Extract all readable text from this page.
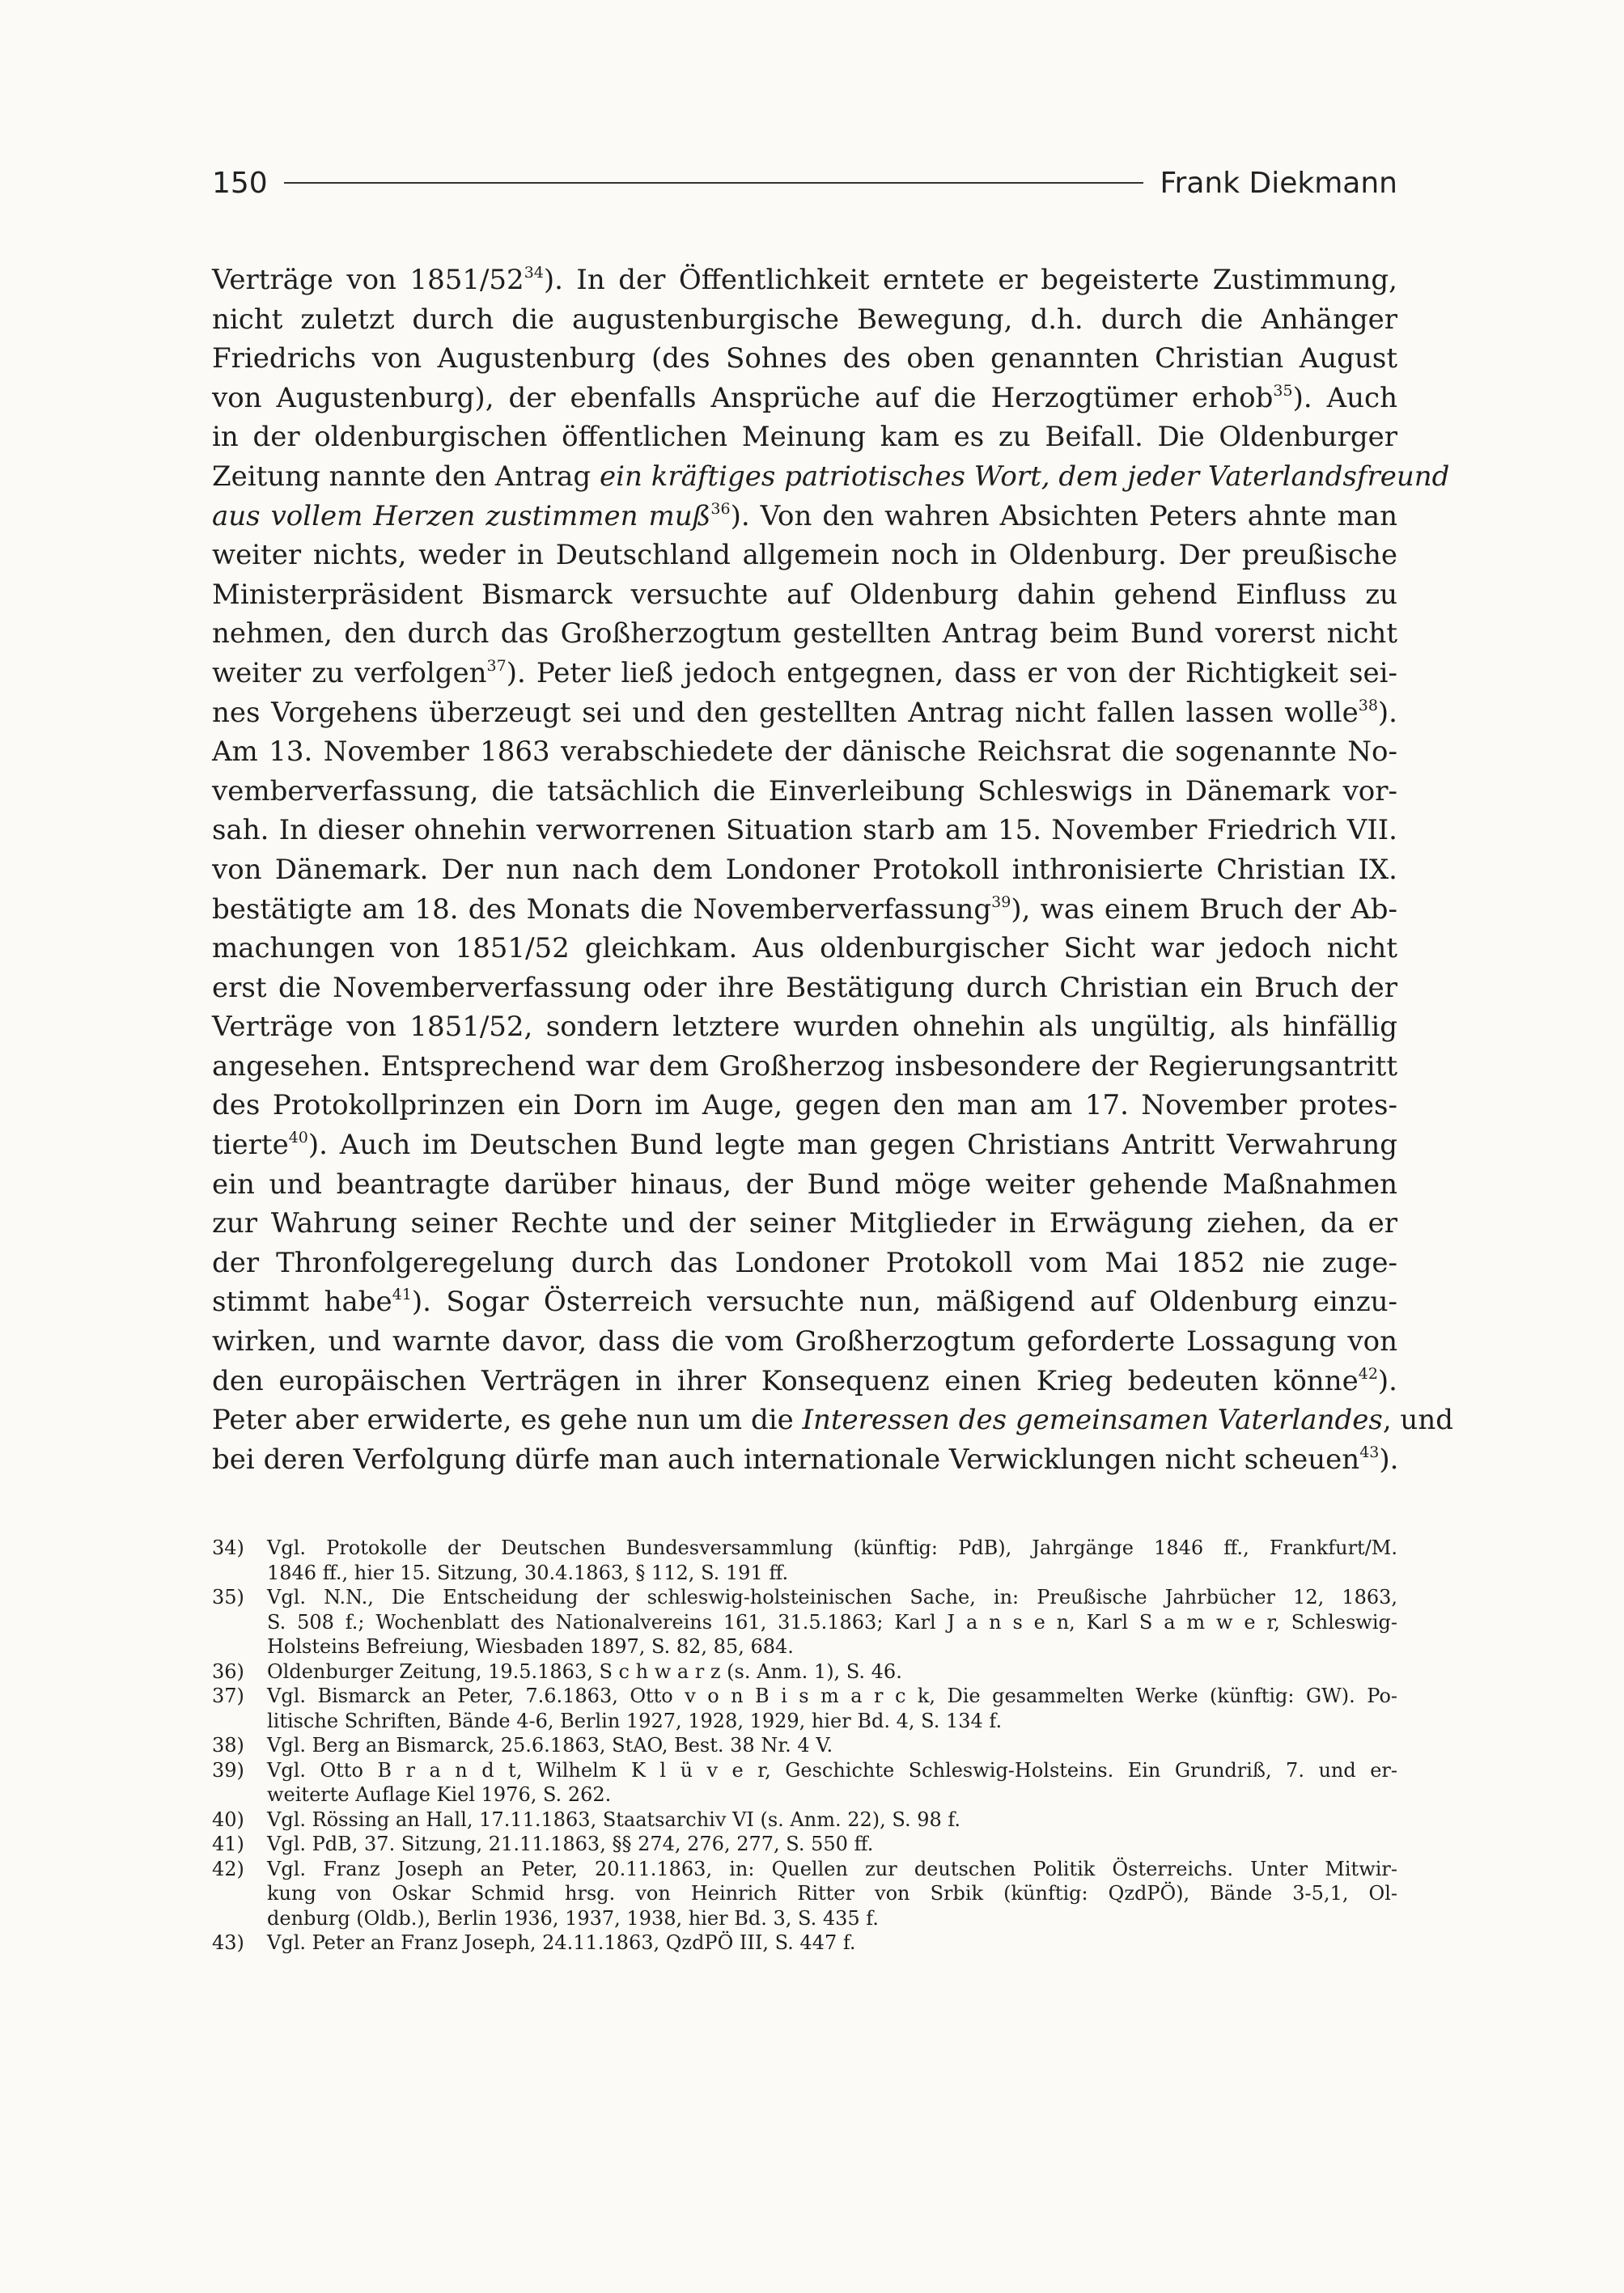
150	Frank Diekmann
Verträge von $1851/52^{34}$). In der Öffentlichkeit erntete er begeisterte Zustimmung,
nicht zuletzt durch die augustenburgische Bewegung, d.h. durch die Anhänger
Friedrichs von Augustenburg (des Sohnes des oben genannten Christian August
von Augustenburg), der ebenfalls Ansprüche auf die Herzogtümer erhob$^{35}$). Auch
in der oldenburgischen öffentlichen Meinung kam es zu Beifall. Die Oldenburger
Zeitung nannte den Antrag ein kräftiges patriotisches Wort, dem jeder Vaterlandsfreund
aus vollem Herzen zustimmen muß$^{36}$). Von den wahren Absichten Peters ahnte man
weiter nichts, weder in Deutschland allgemein noch in Oldenburg. Der preußische
Ministerpräsident Bismarck versuchte auf Oldenburg dahin gehend Einfluss zu
nehmen, den durch das Großherzogtum gestellten Antrag beim Bund vorerst nicht
weiter zu verfolgen$^{37}$). Peter ließ jedoch entgegnen, dass er von der Richtigkeit sei-
nes Vorgehens überzeugt sei und den gestellten Antrag nicht fallen lassen wolle$^{38}$).
Am 13. November 1863 verabschiedete der dänische Reichsrat die sogenannte No-
vemberverfassung, die tatsächlich die Einverleibung Schleswigs in Dänemark vor-
sah. In dieser ohnehin verworrenen Situation starb am 15. November Friedrich VII.
von Dänemark. Der nun nach dem Londoner Protokoll inthronisierte Christian IX.
bestätigte am 18. des Monats die Novemberverfassung$^{39}$), was einem Bruch der Ab-
machungen von 1851/52 gleichkam. Aus oldenburgischer Sicht war jedoch nicht
erst die Novemberverfassung oder ihre Bestätigung durch Christian ein Bruch der
Verträge von 1851/52, sondern letztere wurden ohnehin als ungültig, als hinfällig
angesehen. Entsprechend war dem Großherzog insbesondere der Regierungsantritt
des Protokollprinzen ein Dorn im Auge, gegen den man am 17. November protes-
tierte$^{40}$). Auch im Deutschen Bund legte man gegen Christians Antritt Verwahrung
ein und beantragte darüber hinaus, der Bund möge weiter gehende Maßnahmen
zur Wahrung seiner Rechte und der seiner Mitglieder in Erwägung ziehen, da er
der Thronfolgeregelung durch das Londoner Protokoll vom Mai 1852 nie zuge-
stimmt habe$^{41}$). Sogar Österreich versuchte nun, mäßigend auf Oldenburg einzu-
wirken, und warnte davor, dass die vom Großherzogtum geforderte Lossagung von
den europäischen Verträgen in ihrer Konsequenz einen Krieg bedeuten könne$^{42}$).
Peter aber erwiderte, es gehe nun um die Interessen des gemeinsamen Vaterlandes, und
bei deren Verfolgung dürfe man auch internationale Verwicklungen nicht scheuen$^{43}$).
34)	Vgl. Protokolle der Deutschen Bundesversammlung (künftig: PdB), Jahrgänge 1846 ff., Frankfurt/M.
1846 ff., hier 15. Sitzung, 30.4.1863, § 112, S. 191 ff.
35)	Vgl. N.N., Die Entscheidung der schleswig-holsteinischen Sache, in: Preußische Jahrbücher 12, 1863,
S. 508 f.; Wochenblatt des Nationalvereins 161, 31.5.1863; Karl J a n s e n, Karl S a m w e r, Schleswig-
Holsteins Befreiung, Wiesbaden 1897, S. 82, 85, 684.
36)	Oldenburger Zeitung, 19.5.1863, S c h w a r z (s. Anm. 1), S. 46.
37)	Vgl. Bismarck an Peter, 7.6.1863, Otto v o n B i s m a r c k, Die gesammelten Werke (künftig: GW). Po-
litische Schriften, Bände 4-6, Berlin 1927, 1928, 1929, hier Bd. 4, S. 134 f.
38)	Vgl. Berg an Bismarck, 25.6.1863, StAO, Best. 38 Nr. 4 V.
39)	Vgl. Otto B r a n d t, Wilhelm K l ü v e r, Geschichte Schleswig-Holsteins. Ein Grundriß, 7. und er-
weiterte Auflage Kiel 1976, S. 262.
40)	Vgl. Rössing an Hall, 17.11.1863, Staatsarchiv VI (s. Anm. 22), S. 98 f.
41)	Vgl. PdB, 37. Sitzung, 21.11.1863, §§ 274, 276, 277, S. 550 ff.
42)	Vgl. Franz Joseph an Peter, 20.11.1863, in: Quellen zur deutschen Politik Österreichs. Unter Mitwir-
kung von Oskar Schmid hrsg. von Heinrich Ritter von Srbik (künftig: QzdPÖ), Bände 3-5,1, Ol-
denburg (Oldb.), Berlin 1936, 1937, 1938, hier Bd. 3, S. 435 f.
43)	Vgl. Peter an Franz Joseph, 24.11.1863, QzdPÖ III, S. 447 f.
